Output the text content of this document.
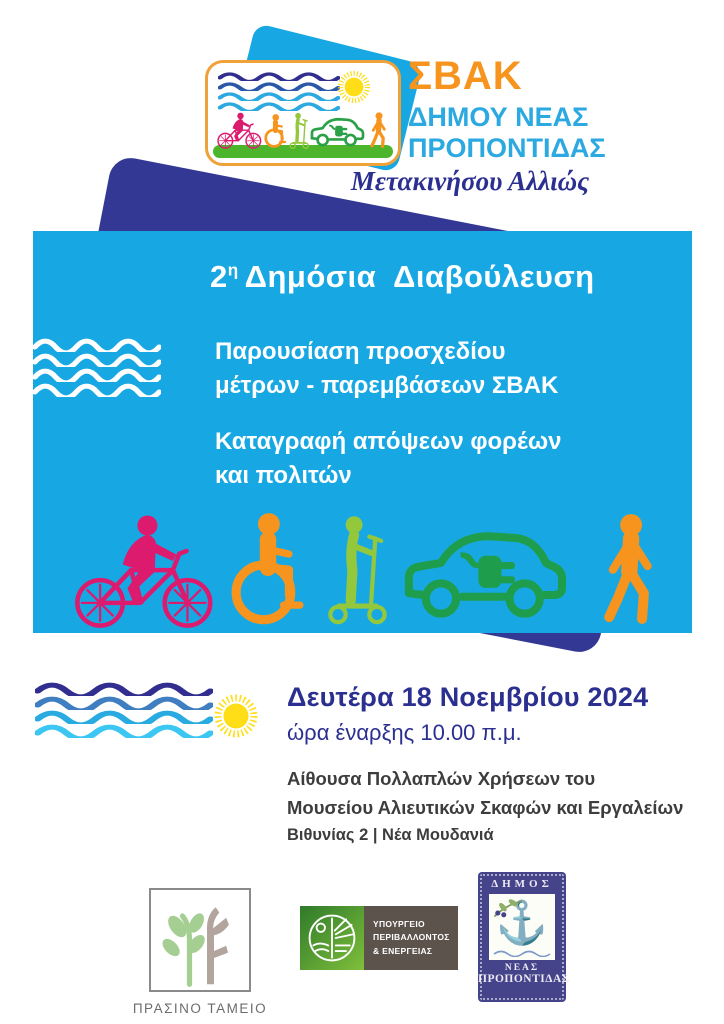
ΣΒΑΚ
ΔΗΜΟΥ ΝΕΑΣ
ΠΡΟΠΟΝΤΙΔΑΣ
Μετακινήσου Αλλιώς
$2^\eta$ Δημόσια Διαβούλευση
Παρουσίαση προσχεδίου
μέτρων - παρεμβάσεων ΣΒΑΚ
Καταγραφή απόψεων φορέων
και πολιτών
Δευτέρα 18 Νοεμβρίου 2024
ώρα έναρξης 10.00 π.μ.
Αίθουσα Πολλαπλών Χρήσεων του
Μουσείου Αλιευτικών Σκαφών και Εργαλείων
Βιθυνίας 2 | Νέα Μουδανιά
ΠΡΑΣΙΝΟ ΤΑΜΕΙΟ
ΥΠΟΥΡΓΕΙΟ
ΠΕΡΙΒΑΛΛΟΝΤΟΣ
& ΕΝΕΡΓΕΙΑΣ
ΔΗΜΟΣ
⚓
ΝΕΑΣ
ΠΡΟΠΟΝΤΙΔΑΣ
